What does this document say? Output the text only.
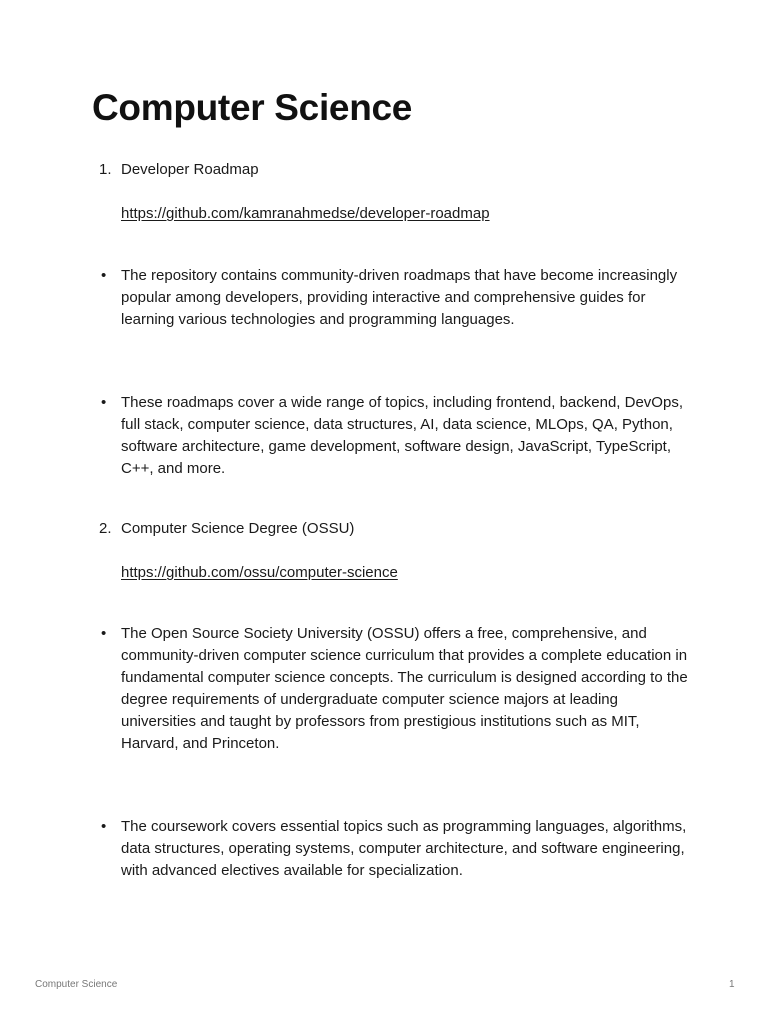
Computer Science
1. Developer Roadmap
https://github.com/kamranahmedse/developer-roadmap
• The repository contains community-driven roadmaps that have become increasingly popular among developers, providing interactive and comprehensive guides for learning various technologies and programming languages.
• These roadmaps cover a wide range of topics, including frontend, backend, DevOps, full stack, computer science, data structures, AI, data science, MLOps, QA, Python, software architecture, game development, software design, JavaScript, TypeScript, C++, and more.
2. Computer Science Degree (OSSU)
https://github.com/ossu/computer-science
• The Open Source Society University (OSSU) offers a free, comprehensive, and community-driven computer science curriculum that provides a complete education in fundamental computer science concepts. The curriculum is designed according to the degree requirements of undergraduate computer science majors at leading universities and taught by professors from prestigious institutions such as MIT, Harvard, and Princeton.
• The coursework covers essential topics such as programming languages, algorithms, data structures, operating systems, computer architecture, and software engineering, with advanced electives available for specialization.
Computer Science	1
